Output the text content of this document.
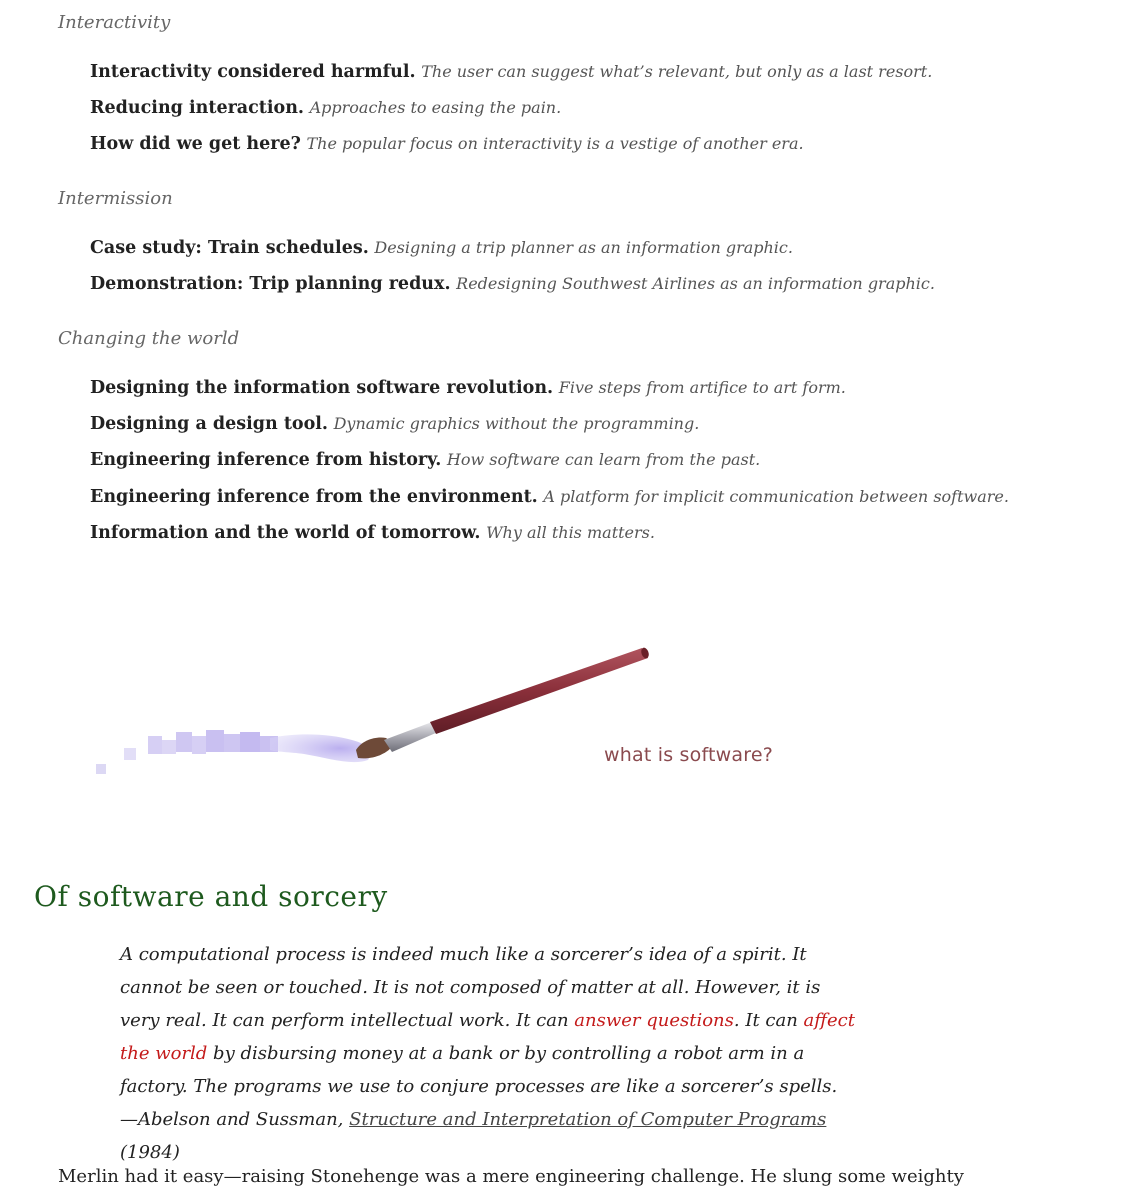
Interactivity

Interactivity considered harmful. The user can suggest what’s relevant, but only as a last resort.

Reducing interaction. Approaches to easing the pain.

How did we get here? The popular focus on interactivity is a vestige of another era.

Intermission

Case study: Train schedules. Designing a trip planner as an information graphic.

Demonstration: Trip planning redux. Redesigning Southwest Airlines as an information graphic.

Changing the world

Designing the information software revolution. Five steps from artifice to art form.

Designing a design tool. Dynamic graphics without the programming.

Engineering inference from history. How software can learn from the past.

Engineering inference from the environment. A platform for implicit communication between software.

Information and the world of tomorrow. Why all this matters.

what is software?
Of software and sorcery
A computational process is indeed much like a sorcerer’s idea of a spirit. It cannot be seen or touched. It is not composed of matter at all. However, it is very real. It can perform intellectual work. It can answer questions. It can affect the world by disbursing money at a bank or by controlling a robot arm in a factory. The programs we use to conjure processes are like a sorcerer’s spells.
—Abelson and Sussman, Structure and Interpretation of Computer Programs (1984)

Merlin had it easy—raising Stonehenge was a mere engineering challenge. He slung some weighty
